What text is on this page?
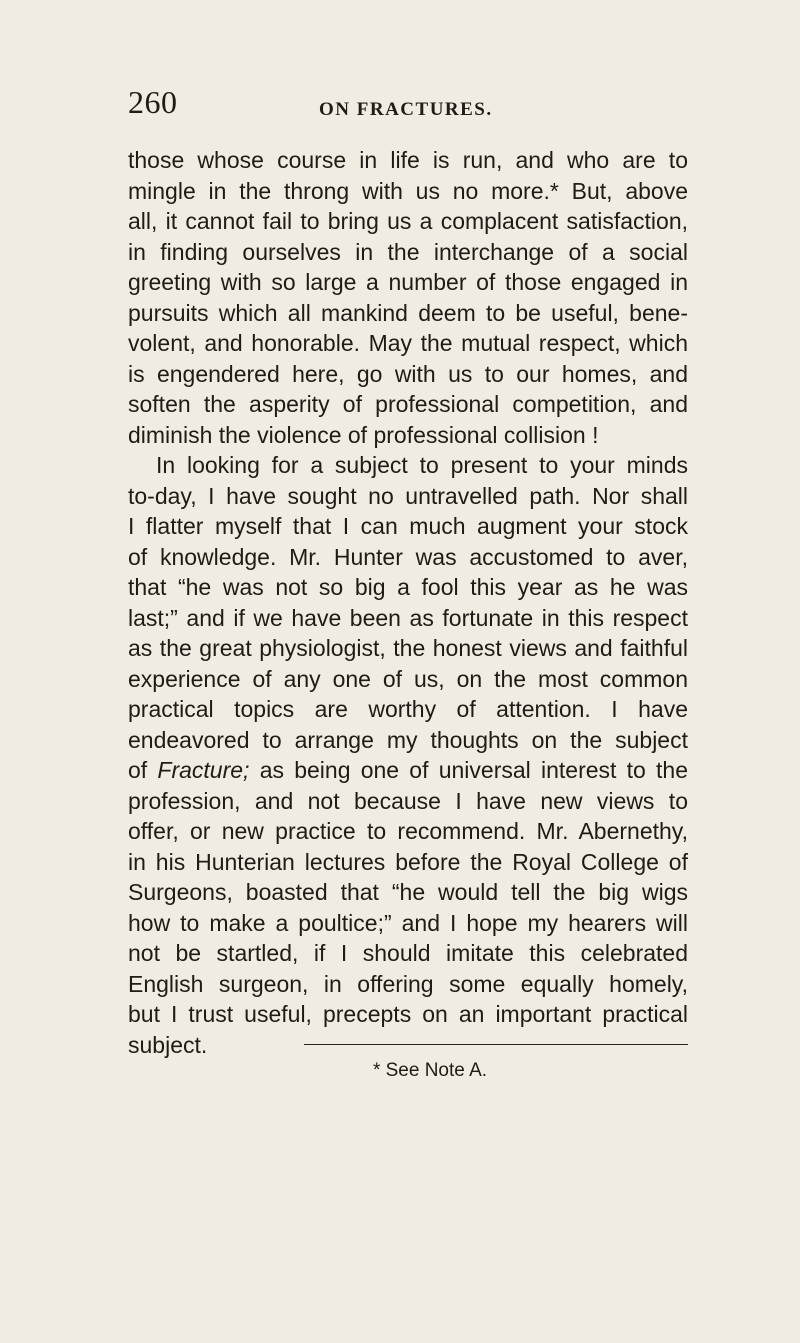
260	ON FRACTURES.
those whose course in life is run, and who are to
mingle in the throng with us no more.* But, above
all, it cannot fail to bring us a complacent satisfaction,
in finding ourselves in the interchange of a social
greeting with so large a number of those engaged in
pursuits which all mankind deem to be useful, bene-
volent, and honorable. May the mutual respect, which
is engendered here, go with us to our homes, and
soften the asperity of professional competition, and
diminish the violence of professional collision !
In looking for a subject to present to your minds
to-day, I have sought no untravelled path. Nor shall
I flatter myself that I can much augment your stock
of knowledge. Mr. Hunter was accustomed to aver,
that “he was not so big a fool this year as he was
last;” and if we have been as fortunate in this respect
as the great physiologist, the honest views and faithful
experience of any one of us, on the most common
practical topics are worthy of attention. I have
endeavored to arrange my thoughts on the subject
of Fracture; as being one of universal interest to the
profession, and not because I have new views to
offer, or new practice to recommend. Mr. Abernethy,
in his Hunterian lectures before the Royal College of
Surgeons, boasted that “he would tell the big wigs
how to make a poultice;” and I hope my hearers will
not be startled, if I should imitate this celebrated
English surgeon, in offering some equally homely,
but I trust useful, precepts on an important practical
subject.
* See Note A.
